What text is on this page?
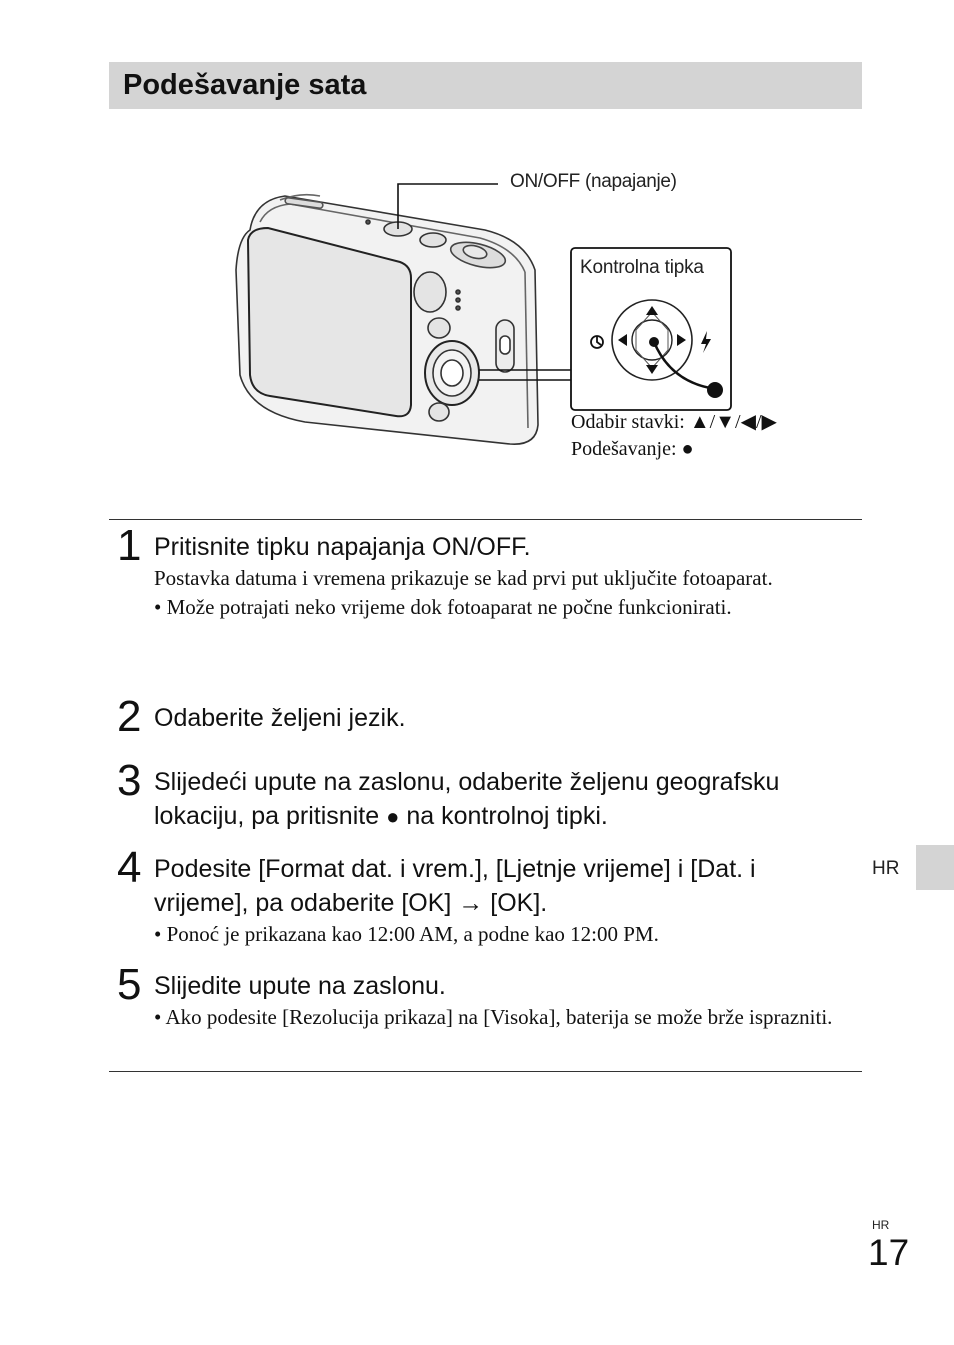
Podešavanje sata
ON/OFF (napajanje)
Kontrolna tipka
Odabir stavki: ▲/▼/◀/▶
Podešavanje: ●
1 Pritisnite tipku napajanja ON/OFF.
Postavka datuma i vremena prikazuje se kad prvi put uključite fotoaparat.
• Može potrajati neko vrijeme dok fotoaparat ne počne funkcionirati.
2 Odaberite željeni jezik.
3 Slijedeći upute na zaslonu, odaberite željenu geografsku lokaciju, pa pritisnite ● na kontrolnoj tipki.
4 Podesite [Format dat. i vrem.], [Ljetnje vrijeme] i [Dat. i vrijeme], pa odaberite [OK] → [OK].
• Ponoć je prikazana kao 12:00 AM, a podne kao 12:00 PM.
5 Slijedite upute na zaslonu.
• Ako podesite [Rezolucija prikaza] na [Visoka], baterija se može brže isprazniti.
HR
HR
17
